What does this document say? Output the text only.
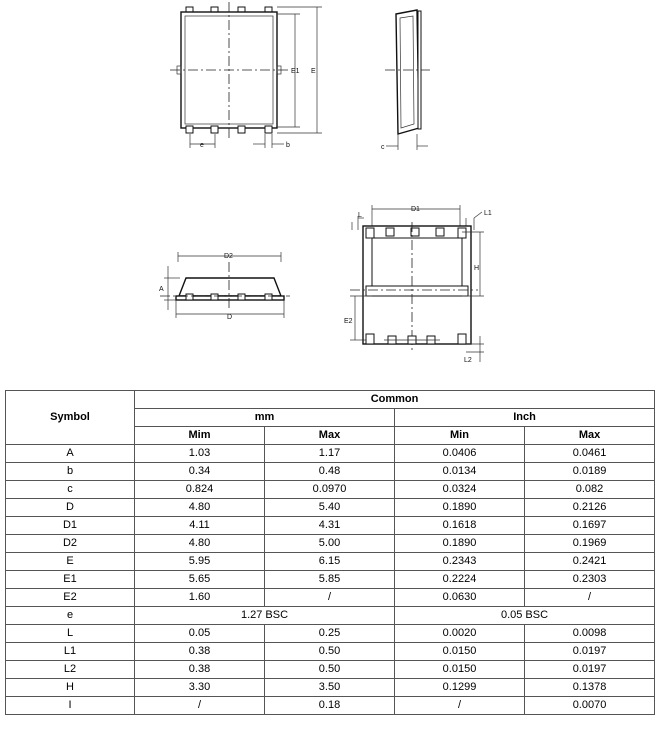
E1 E
e	b	c
D2
A
D
D1
L	L1
H
E2
L2
Symbol	Common			
	mm		Inch	
	Mim	Max	Min	Max
A	1.03	1.17	0.0406	0.0461
b	0.34	0.48	0.0134	0.0189
c	0.824	0.0970	0.0324	0.082
D	4.80	5.40	0.1890	0.2126
D1	4.11	4.31	0.1618	0.1697
D2	4.80	5.00	0.1890	0.1969
E	5.95	6.15	0.2343	0.2421
E1	5.65	5.85	0.2224	0.2303
E2	1.60	/	0.0630	/
e	1.27 BSC		0.05 BSC	
L	0.05	0.25	0.0020	0.0098
L1	0.38	0.50	0.0150	0.0197
L2	0.38	0.50	0.0150	0.0197
H	3.30	3.50	0.1299	0.1378
I	/	0.18	/	0.0070
